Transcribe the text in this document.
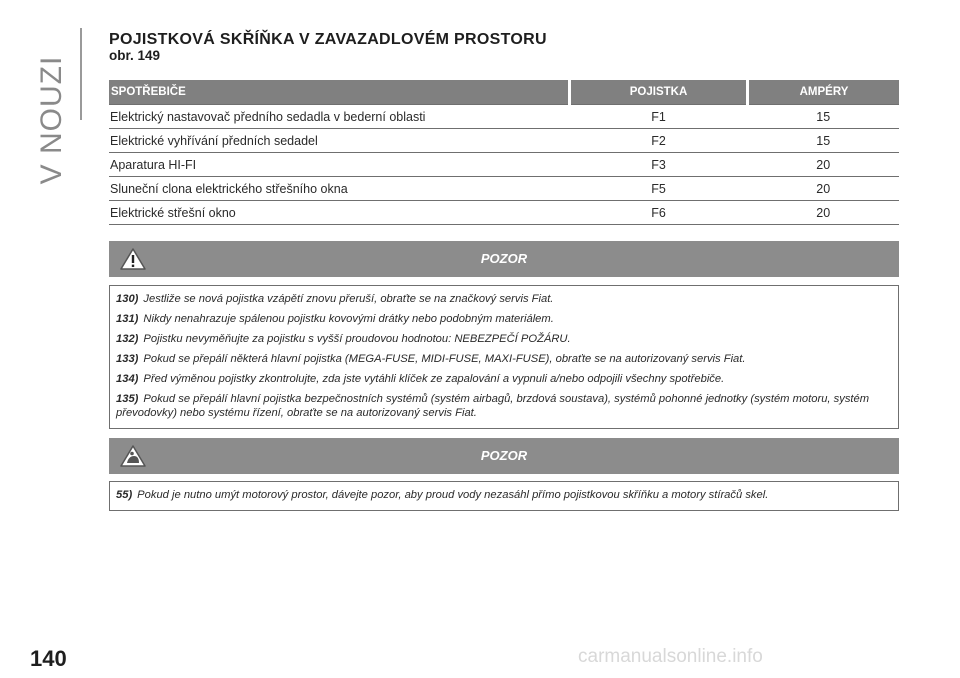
V NOUZI
POJISTKOVÁ SKŘÍŇKA V ZAVAZADLOVÉM PROSTORU
obr. 149
SPOTŘEBIČE	POJISTKA	AMPÉRY
Elektrický nastavovač předního sedadla v bederní oblasti	F1	15
Elektrické vyhřívání předních sedadel	F2	15
Aparatura HI-FI	F3	20
Sluneční clona elektrického střešního okna	F5	20
Elektrické střešní okno	F6	20
POZOR

130) Jestliže se nová pojistka vzápětí znovu přeruší, obraťte se na značkový servis Fiat.

131) Nikdy nenahrazuje spálenou pojistku kovovými drátky nebo podobným materiálem.

132) Pojistku nevyměňujte za pojistku s vyšší proudovou hodnotou: NEBEZPEČÍ POŽÁRU.

133) Pokud se přepálí některá hlavní pojistka (MEGA-FUSE, MIDI-FUSE, MAXI-FUSE), obraťte se na autorizovaný servis Fiat.

134) Před výměnou pojistky zkontrolujte, zda jste vytáhli klíček ze zapalování a vypnuli a/nebo odpojili všechny spotřebiče.

135) Pokud se přepálí hlavní pojistka bezpečnostních systémů (systém airbagů, brzdová soustava), systémů pohonné jednotky (systém motoru, systém převodovky) nebo systému řízení, obraťte se na autorizovaný servis Fiat.

POZOR

55) Pokud je nutno umýt motorový prostor, dávejte pozor, aby proud vody nezasáhl přímo pojistkovou skříňku a motory stíračů skel.

140	carmanualsonline.info
